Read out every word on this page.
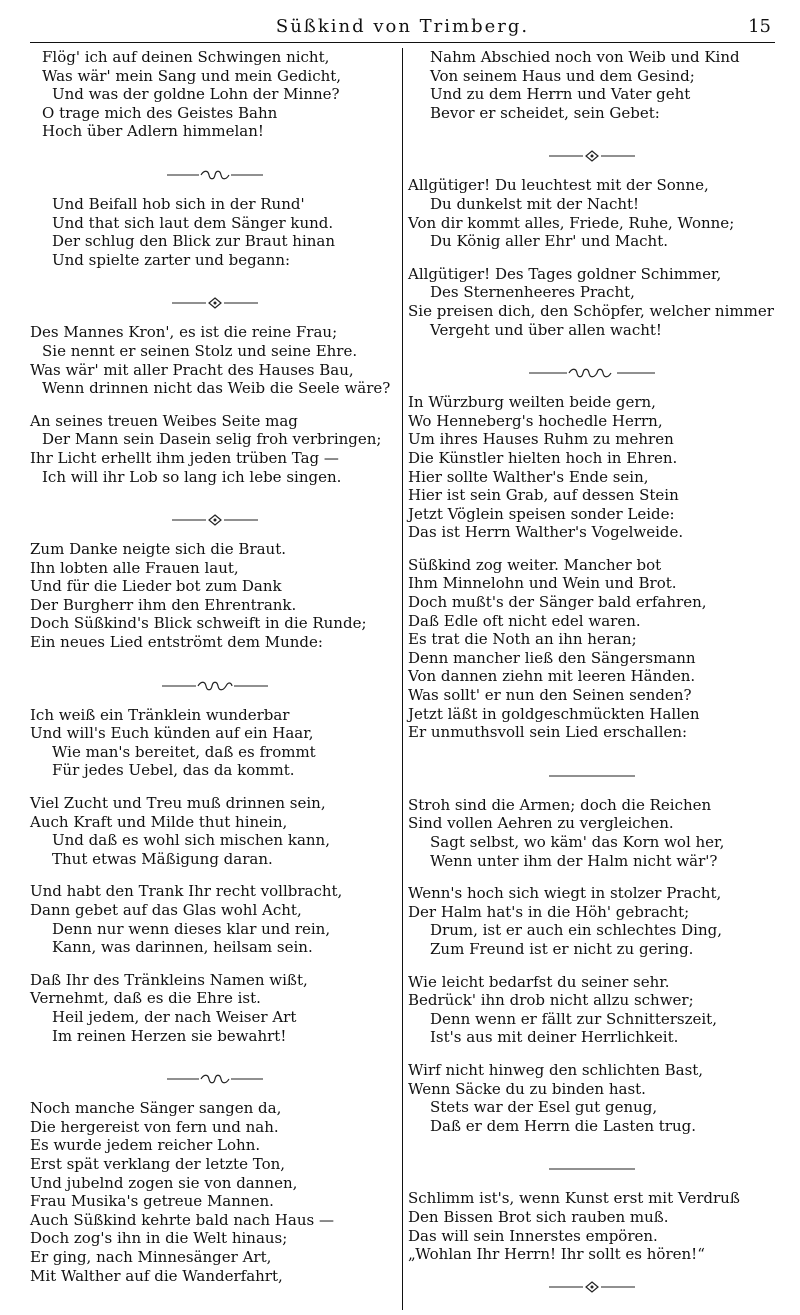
Süßkind von Trimberg.	15
Flög' ich auf deinen Schwingen nicht,
Was wär' mein Sang und mein Gedicht,
Und was der goldne Lohn der Minne?
O trage mich des Geistes Bahn
Hoch über Adlern himmelan!
Und Beifall hob sich in der Rund'
Und that sich laut dem Sänger kund.
Der schlug den Blick zur Braut hinan
Und spielte zarter und begann:
Des Mannes Kron', es ist die reine Frau;
Sie nennt er seinen Stolz und seine Ehre.
Was wär' mit aller Pracht des Hauses Bau,
Wenn drinnen nicht das Weib die Seele wäre?
An seines treuen Weibes Seite mag
Der Mann sein Dasein selig froh verbringen;
Ihr Licht erhellt ihm jeden trüben Tag —
Ich will ihr Lob so lang ich lebe singen.
Zum Danke neigte sich die Braut.
Ihn lobten alle Frauen laut,
Und für die Lieder bot zum Dank
Der Burgherr ihm den Ehrentrank.
Doch Süßkind's Blick schweift in die Runde;
Ein neues Lied entströmt dem Munde:
Ich weiß ein Tränklein wunderbar
Und will's Euch künden auf ein Haar,
Wie man's bereitet, daß es frommt
Für jedes Uebel, das da kommt.
Viel Zucht und Treu muß drinnen sein,
Auch Kraft und Milde thut hinein,
Und daß es wohl sich mischen kann,
Thut etwas Mäßigung daran.
Und habt den Trank Ihr recht vollbracht,
Dann gebet auf das Glas wohl Acht,
Denn nur wenn dieses klar und rein,
Kann, was darinnen, heilsam sein.
Daß Ihr des Tränkleins Namen wißt,
Vernehmt, daß es die Ehre ist.
Heil jedem, der nach Weiser Art
Im reinen Herzen sie bewahrt!
Noch manche Sänger sangen da,
Die hergereist von fern und nah.
Es wurde jedem reicher Lohn.
Erst spät verklang der letzte Ton,
Und jubelnd zogen sie von dannen,
Frau Musika's getreue Mannen.
Auch Süßkind kehrte bald nach Haus —
Doch zog's ihn in die Welt hinaus;
Er ging, nach Minnesänger Art,
Mit Walther auf die Wanderfahrt,
Nahm Abschied noch von Weib und Kind
Von seinem Haus und dem Gesind;
Und zu dem Herrn und Vater geht
Bevor er scheidet, sein Gebet:
Allgütiger! Du leuchtest mit der Sonne,
Du dunkelst mit der Nacht!
Von dir kommt alles, Friede, Ruhe, Wonne;
Du König aller Ehr' und Macht.
Allgütiger! Des Tages goldner Schimmer,
Des Sternenheeres Pracht,
Sie preisen dich, den Schöpfer, welcher nimmer
Vergeht und über allen wacht!
In Würzburg weilten beide gern,
Wo Henneberg's hochedle Herrn,
Um ihres Hauses Ruhm zu mehren
Die Künstler hielten hoch in Ehren.
Hier sollte Walther's Ende sein,
Hier ist sein Grab, auf dessen Stein
Jetzt Vöglein speisen sonder Leide:
Das ist Herrn Walther's Vogelweide.
Süßkind zog weiter. Mancher bot
Ihm Minnelohn und Wein und Brot.
Doch mußt's der Sänger bald erfahren,
Daß Edle oft nicht edel waren.
Es trat die Noth an ihn heran;
Denn mancher ließ den Sängersmann
Von dannen ziehn mit leeren Händen.
Was sollt' er nun den Seinen senden?
Jetzt läßt in goldgeschmückten Hallen
Er unmuthsvoll sein Lied erschallen:
Stroh sind die Armen; doch die Reichen
Sind vollen Aehren zu vergleichen.
Sagt selbst, wo käm' das Korn wol her,
Wenn unter ihm der Halm nicht wär'?
Wenn's hoch sich wiegt in stolzer Pracht,
Der Halm hat's in die Höh' gebracht;
Drum, ist er auch ein schlechtes Ding,
Zum Freund ist er nicht zu gering.
Wie leicht bedarfst du seiner sehr.
Bedrück' ihn drob nicht allzu schwer;
Denn wenn er fällt zur Schnitterszeit,
Ist's aus mit deiner Herrlichkeit.
Wirf nicht hinweg den schlichten Bast,
Wenn Säcke du zu binden hast.
Stets war der Esel gut genug,
Daß er dem Herrn die Lasten trug.
Schlimm ist's, wenn Kunst erst mit Verdruß
Den Bissen Brot sich rauben muß.
Das will sein Innerstes empören.
„Wohlan Ihr Herrn! Ihr sollt es hören!“
